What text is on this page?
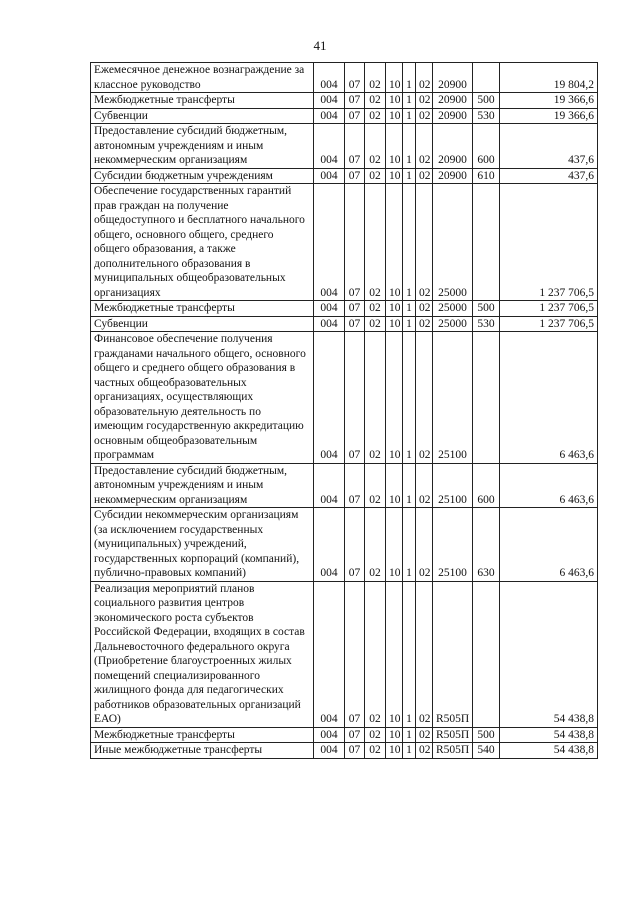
41
Ежемесячное денежное вознаграждение за классное руководство	004	07	02	10	1	02	20900		19 804,2
Межбюджетные трансферты	004	07	02	10	1	02	20900	500	19 366,6
Субвенции	004	07	02	10	1	02	20900	530	19 366,6
Предоставление субсидий бюджетным, автономным учреждениям и иным некоммерческим организациям	004	07	02	10	1	02	20900	600	437,6
Субсидии бюджетным учреждениям	004	07	02	10	1	02	20900	610	437,6
Обеспечение государственных гарантий прав граждан на получение общедоступного и бесплатного начального общего, основного общего, среднего общего образования, а также дополнительного образования в муниципальных общеобразовательных организациях	004	07	02	10	1	02	25000		1 237 706,5
Межбюджетные трансферты	004	07	02	10	1	02	25000	500	1 237 706,5
Субвенции	004	07	02	10	1	02	25000	530	1 237 706,5
Финансовое обеспечение получения гражданами начального общего, основного общего и среднего общего образования в частных общеобразовательных организациях, осуществляющих образовательную деятельность по имеющим государственную аккредитацию основным общеобразовательным программам	004	07	02	10	1	02	25100		6 463,6
Предоставление субсидий бюджетным, автономным учреждениям и иным некоммерческим организациям	004	07	02	10	1	02	25100	600	6 463,6
Субсидии некоммерческим организациям (за исключением государственных (муниципальных) учреждений, государственных корпораций (компаний), публично-правовых компаний)	004	07	02	10	1	02	25100	630	6 463,6
Реализация мероприятий планов социального развития центров экономического роста субъектов Российской Федерации, входящих в состав Дальневосточного федерального округа (Приобретение благоустроенных жилых помещений специализированного жилищного фонда для педагогических работников образовательных организаций ЕАО)	004	07	02	10	1	02	R505П		54 438,8
Межбюджетные трансферты	004	07	02	10	1	02	R505П	500	54 438,8
Иные межбюджетные трансферты	004	07	02	10	1	02	R505П	540	54 438,8
